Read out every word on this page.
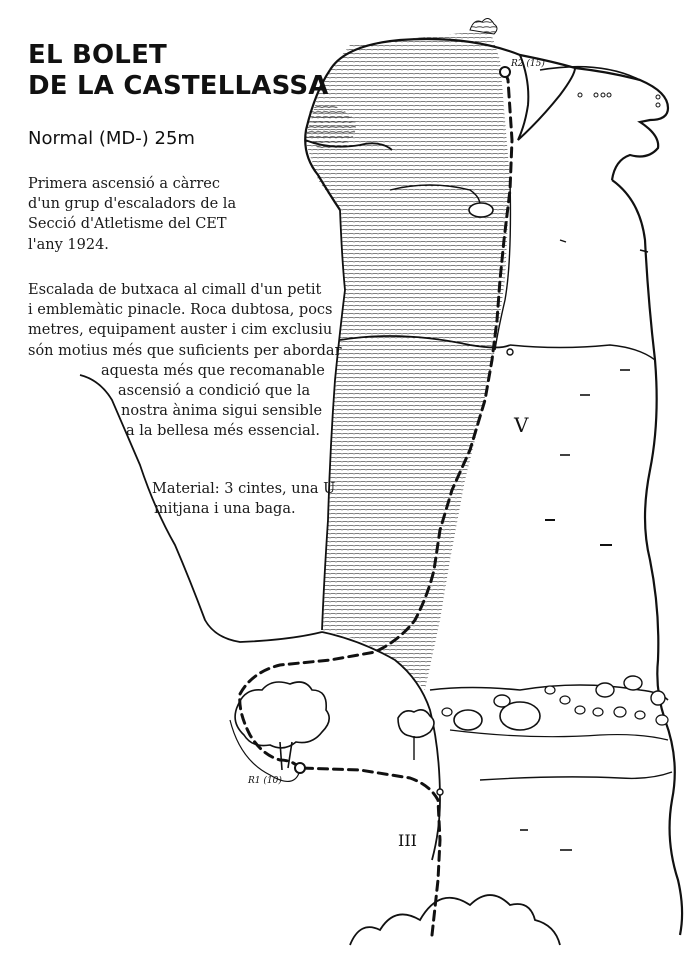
R2 (15)
R1 (10)
V
III
EL BOLET
DE LA CASTELLASSA
Normal (MD-) 25m
Primera ascensió a càrrec
d'un grup d'escaladors de la
Secció d'Atletisme del CET
l'any 1924.
Escalada de butxaca al cimall d'un petit
i emblemàtic pinacle. Roca dubtosa, pocs
metres, equipament auster i cim exclusiu
són motius més que suficients per abordar
aquesta més que recomanable
ascensió a condició que la
nostra ànima sigui sensible
a la bellesa més essencial.
Material: 3 cintes, una U
mitjana i una baga.
